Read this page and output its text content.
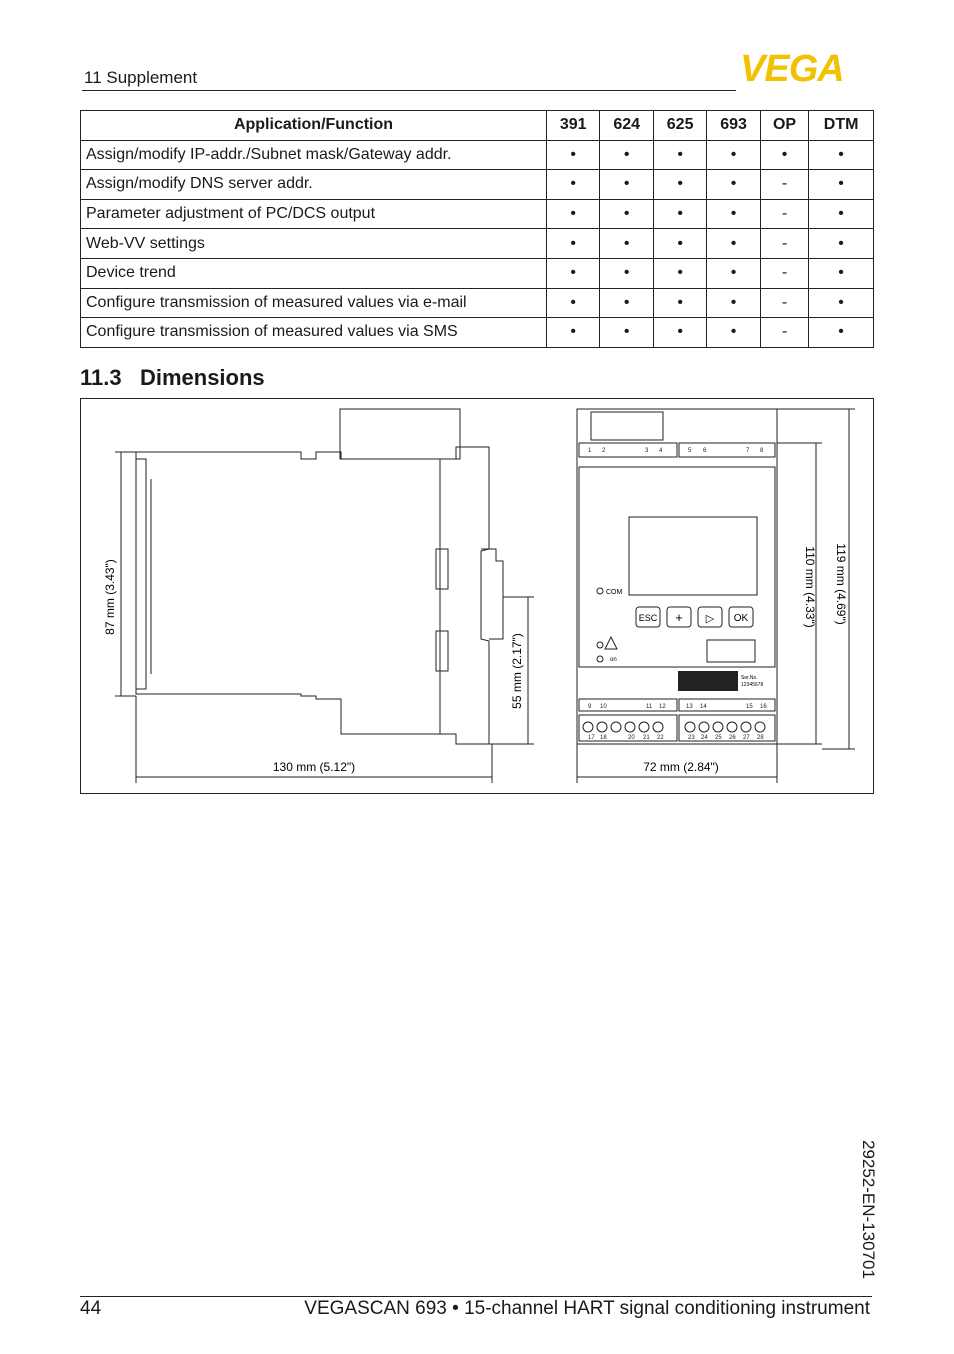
11 Supplement	VEGA
Application/Function	391	624	625	693	OP	DTM
Assign/modify IP-addr./Subnet mask/Gateway addr.	•	•	•	•	•	•
Assign/modify DNS server addr.	•	•	•	•	-	•
Parameter adjustment of PC/DCS output	•	•	•	•	-	•
Web-VV settings	•	•	•	•	-	•
Device trend	•	•	•	•	-	•
Configure transmission of measured values via e-mail	•	•	•	•	-	•
Configure transmission of measured values via SMS	•	•	•	•	-	•
11.3 Dimensions
87 mm (3.43")
55 mm (2.17")
130 mm (5.12")
1 2	3 4	5 6	7 8
9 10	11 12	13 14	15 16
17 18	20 21 22	23 24 25 26 27 28
COM
on
ESC + ▷ OK
Ser.No.
12345678
110 mm (4.33") 119 mm (4.69")
72 mm (2.84")
29252-EN-130701
44	VEGASCAN 693 • 15-channel HART signal conditioning instrument
